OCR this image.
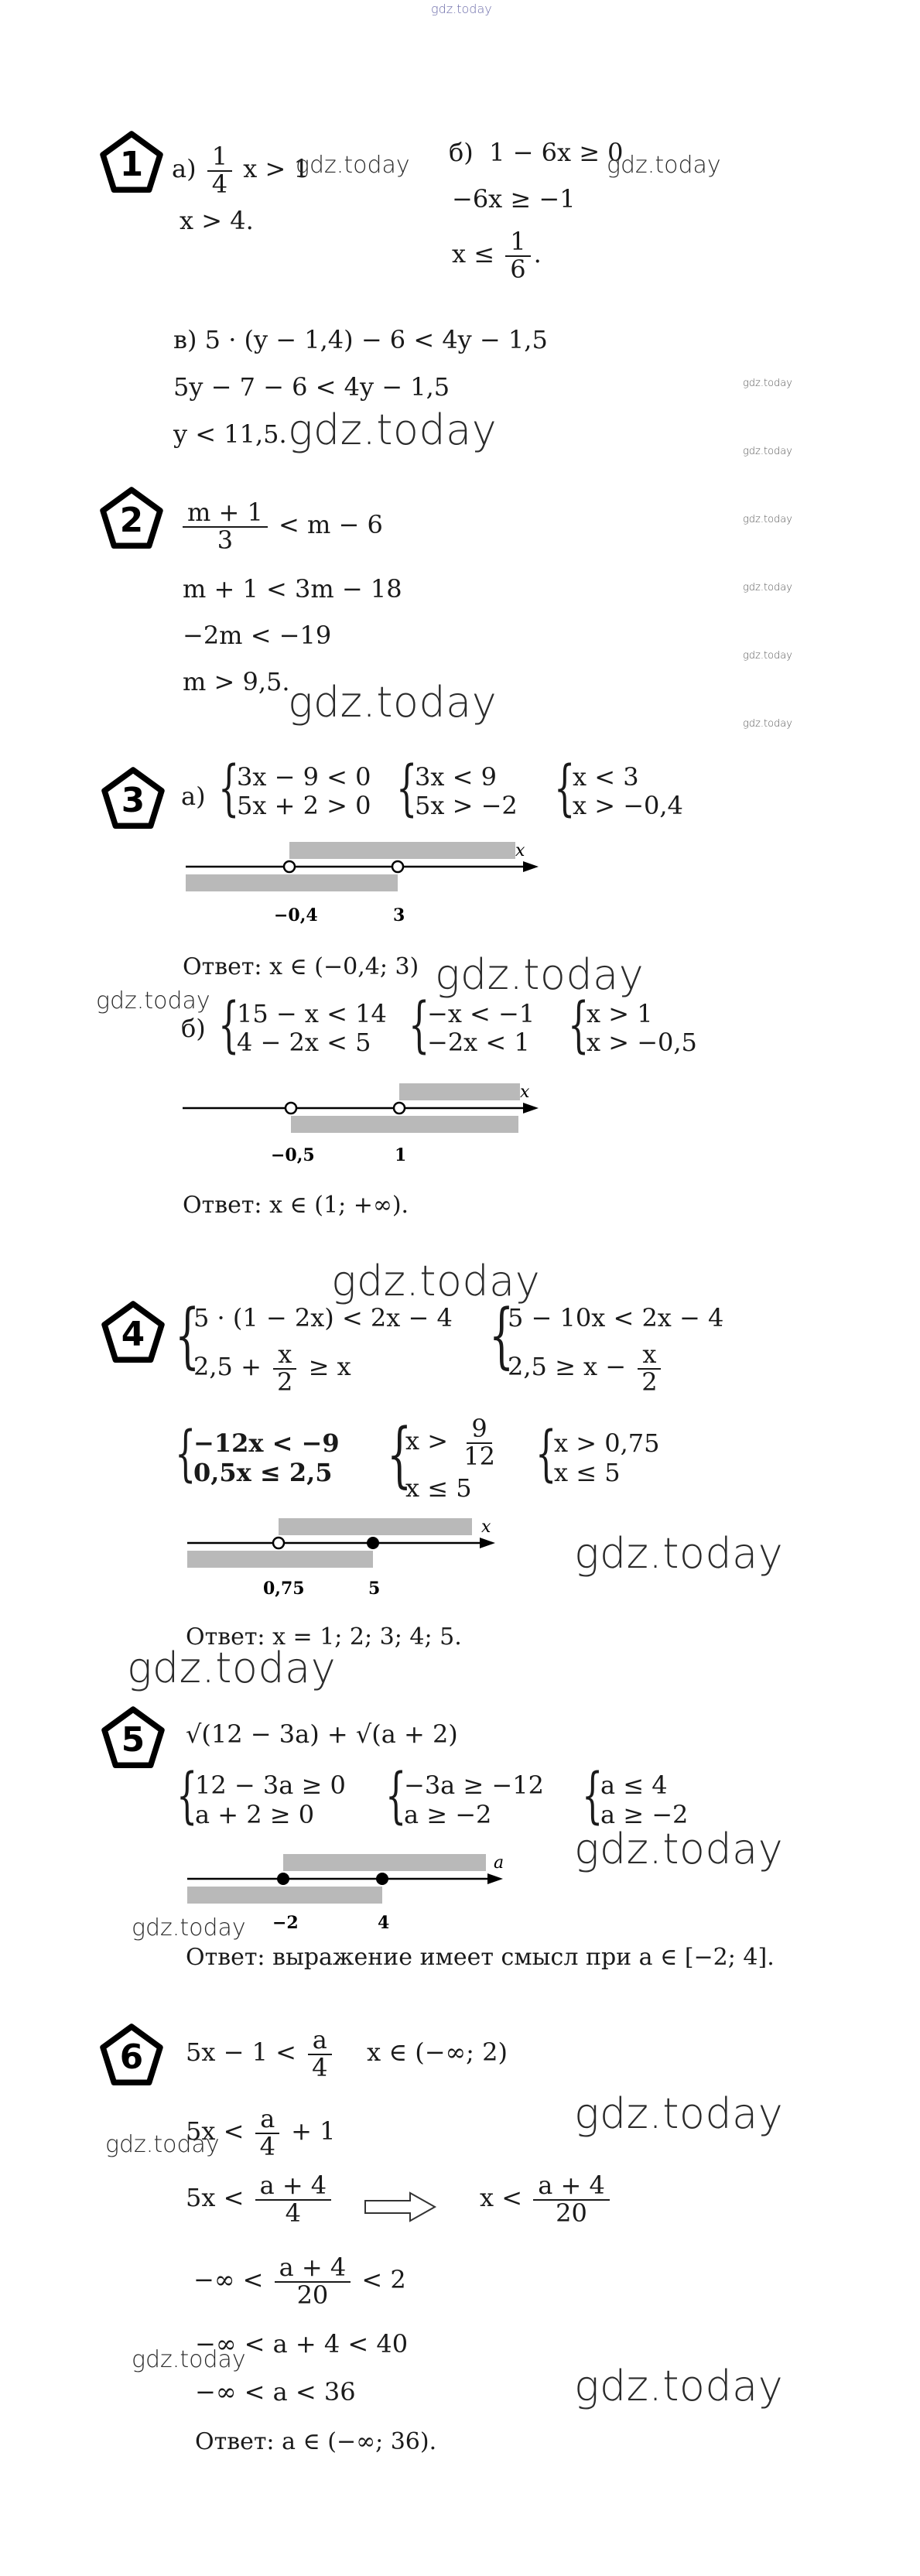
gdz.today
1 $а) \frac{1}{4}$ x > 1
x > 4.
б) 1 − 6x ≥ 0
−6x ≥ −1
$x \le \frac{1}{6}$ .
в) 5 · (y − 1,4) − 6 < 4y − 1,5
5y − 7 − 6 < 4y − 1,5
y < 11,5.
gdz.today	gdz.today
gdz.today
gdz.today
gdz.today
$2 \frac{m + 1}{3} < m - 6$
m + 1 < 3m − 18
−2m < −19
m > 9,5.
gdz.today
gdz.today
gdz.today
gdz.today
gdz.today
3 а) {
3x − 9 < 0
5x + 2 > 0 {
3x < 9
5x > −2 {
x < 3
x > −0,4
x
−0,4	3
Ответ: x ∈ (−0,4; 3) gdz.today
gdz.today
б) {
15 − x < 14
4 − 2x < 5 {
−x < −1
−2x < 1 {
x > 1
x > −0,5
x
−0,5	1
Ответ: x ∈ (1; +∞).
gdz.today
4 {
5 · (1 − 2x) < 2x − 4
$2,5 + \frac{x}{2} \ge x$ {
5 − 10x < 2x − 4
$2,5 \ge x - \frac{x}{2}$
{
−12x < −9
0,5x ≤ 2,5 {
$x > \frac{9}{12}$
x ≤ 5 {
x > 0,75
x ≤ 5
x
0,75	5
gdz.today
Ответ: x = 1; 2; 3; 4; 5.
gdz.today
5 √(12 − 3a) + √(a + 2)
{
12 − 3a ≥ 0
a + 2 ≥ 0	{
−3a ≥ −12
a ≥ −2	{
a ≤ 4
a ≥ −2
gdz.today
a
−2	4
gdz.today
Ответ: выражение имеет смысл при a ∈ [−2; 4].
6 $5x - 1 < \frac{a}{4}$ x ∈ (−∞; 2)
$5x < \frac{a}{4} + 1$	gdz.today
gdz.today
$5x < \frac{a + 4}{4}$	$x < \frac{a + 4}{20}$
−∞ < $\frac{a + 4}{20} < 2$
−∞ < a + 4 < 40
gdz.today
−∞ < a < 36	gdz.today
Ответ: a ∈ (−∞; 36).
